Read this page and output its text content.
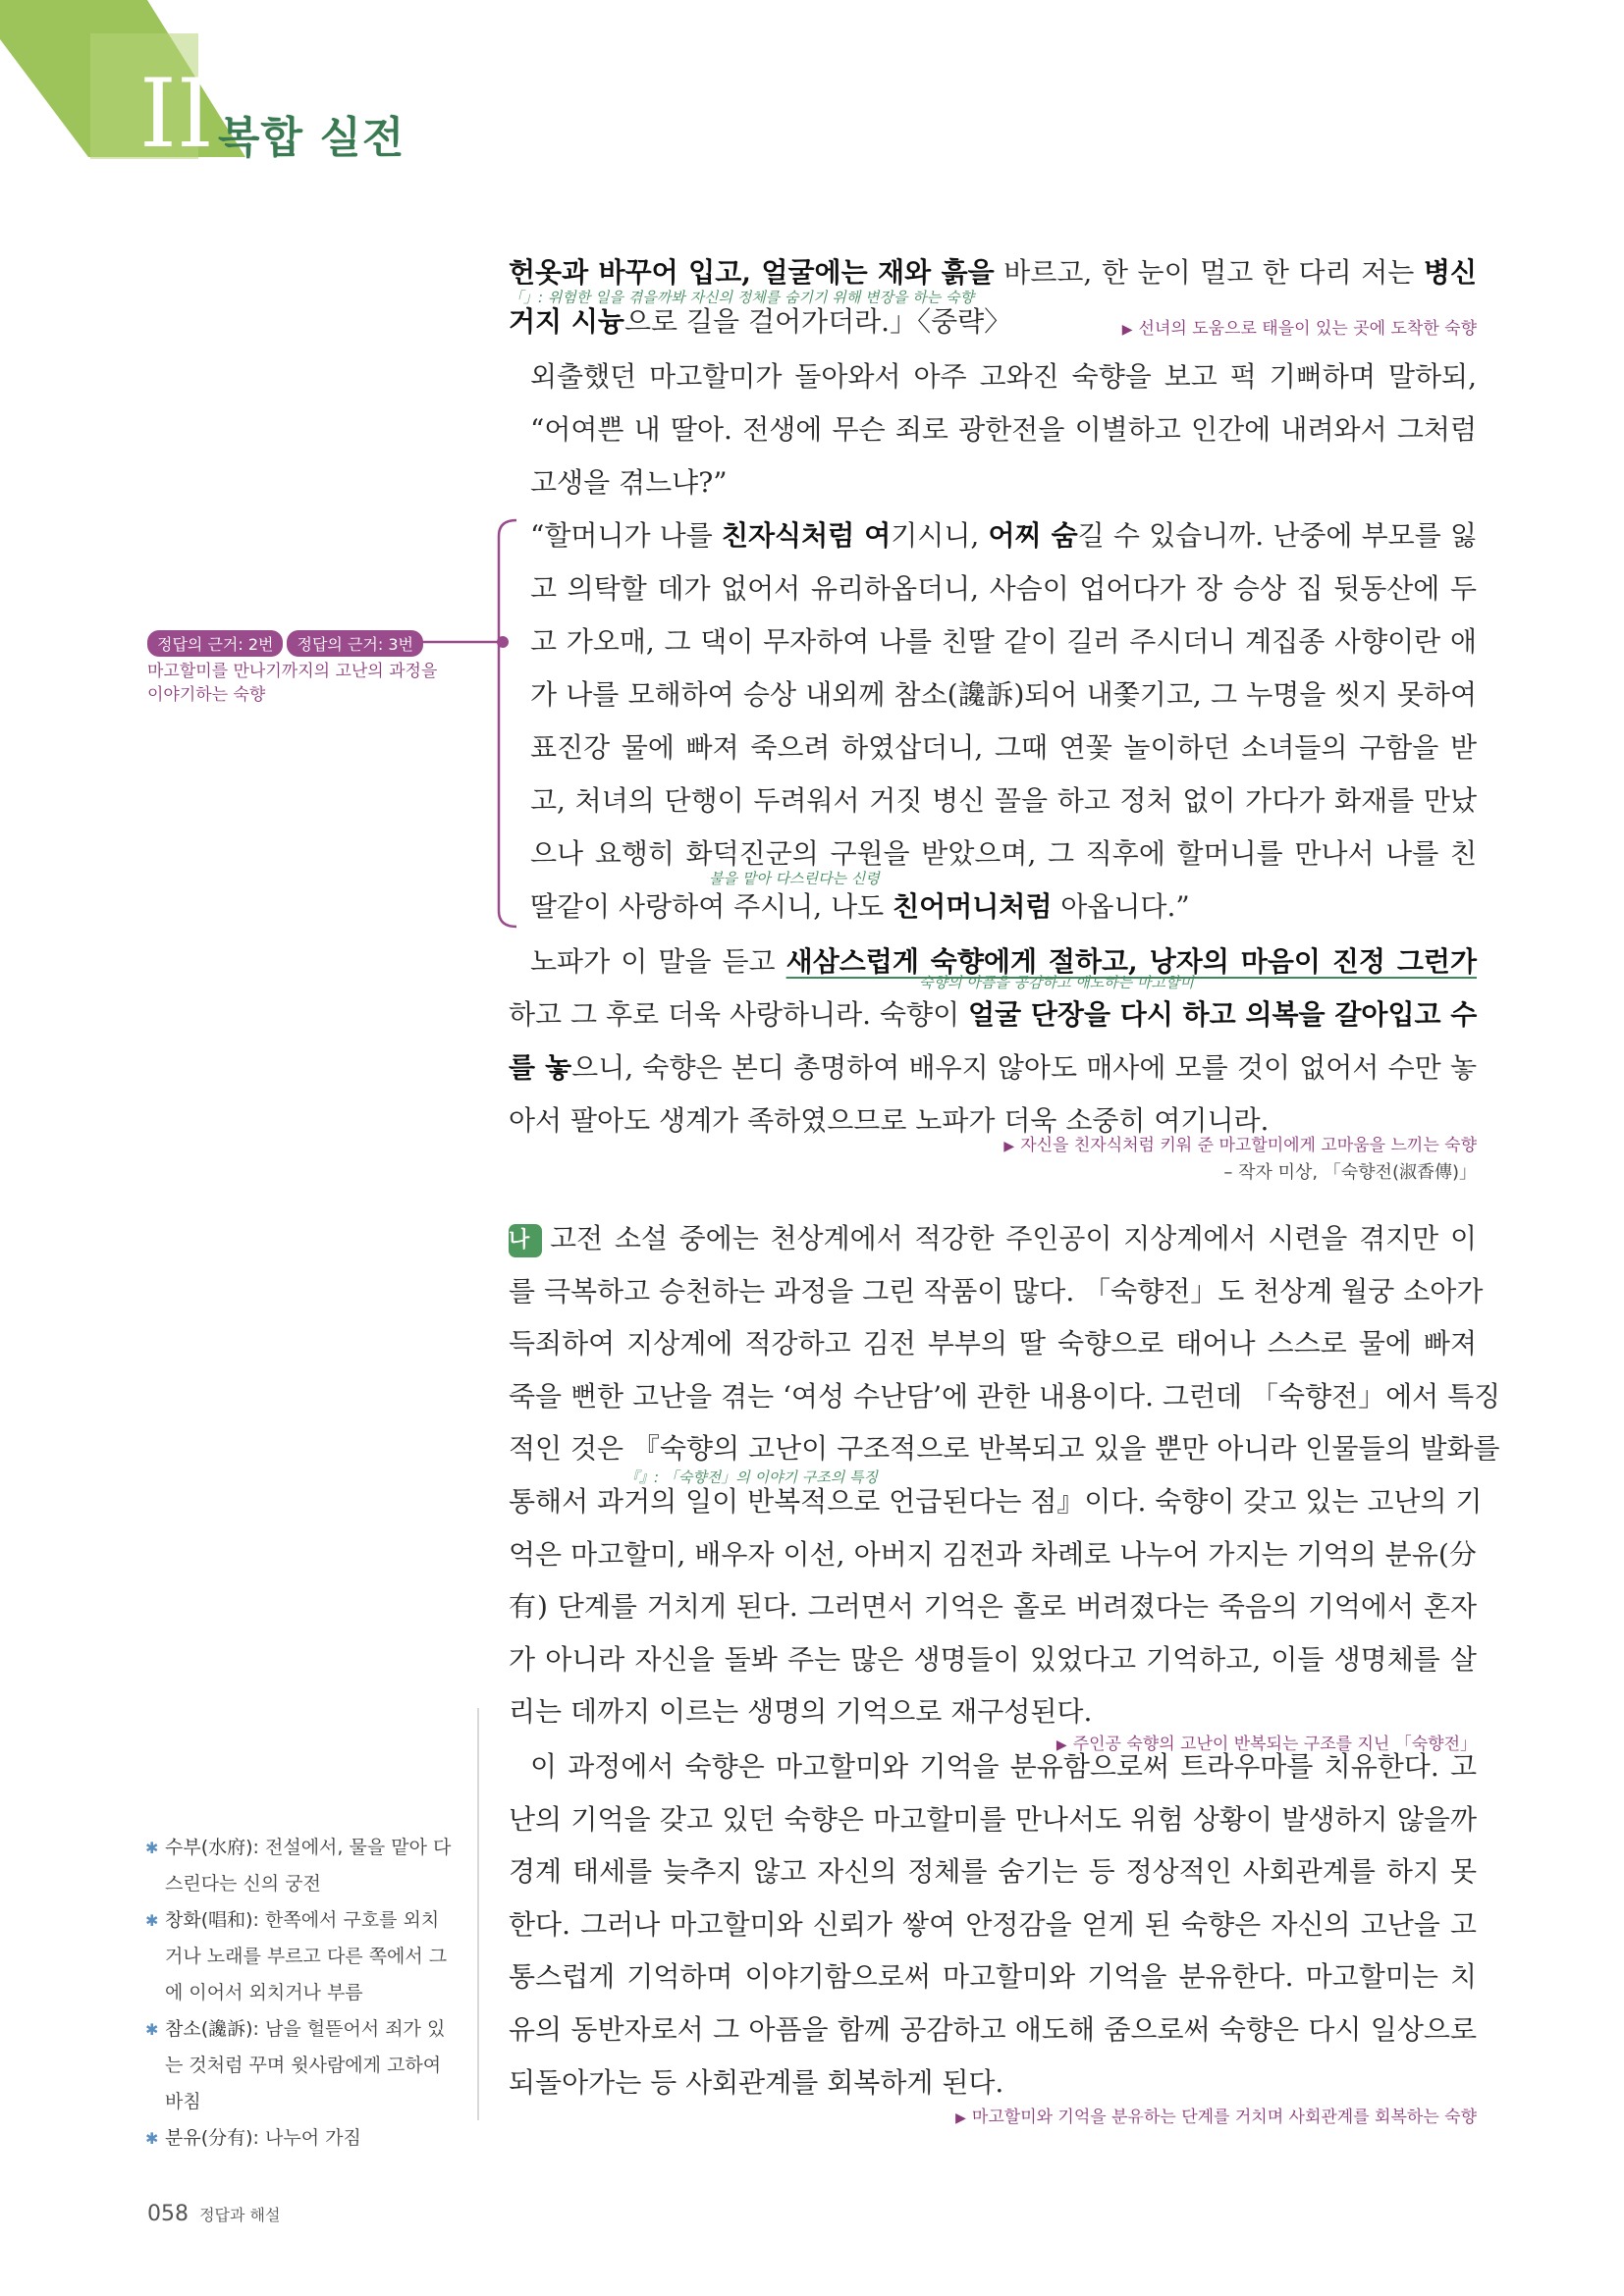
II 복합 실전
헌옷과 바꾸어 입고, 얼굴에는 재와 흙을 바르고, 한 눈이 멀고 한 다리 저는 병신
거지 시늉으로 길을 걸어가더라.」〈중략〉
외출했던 마고할미가 돌아와서 아주 고와진 숙향을 보고 퍽 기뻐하며 말하되,
“어여쁜 내 딸아. 전생에 무슨 죄로 광한전을 이별하고 인간에 내려와서 그처럼
고생을 겪느냐?”
“할머니가 나를 친자식처럼 여기시니, 어찌 숨길 수 있습니까. 난중에 부모를 잃
고 의탁할 데가 없어서 유리하옵더니, 사슴이 업어다가 장 승상 집 뒷동산에 두
고 가오매, 그 댁이 무자하여 나를 친딸 같이 길러 주시더니 계집종 사향이란 애
가 나를 모해하여 승상 내외께 참소(讒訴)되어 내쫓기고, 그 누명을 씻지 못하여
표진강 물에 빠져 죽으려 하였삽더니, 그때 연꽃 놀이하던 소녀들의 구함을 받
고, 처녀의 단행이 두려워서 거짓 병신 꼴을 하고 정처 없이 가다가 화재를 만났
으나 요행히 화덕진군의 구원을 받았으며, 그 직후에 할머니를 만나서 나를 친
딸같이 사랑하여 주시니, 나도 친어머니처럼 아옵니다.”
노파가 이 말을 듣고 새삼스럽게 숙향에게 절하고, 낭자의 마음이 진정 그런가
하고 그 후로 더욱 사랑하니라. 숙향이 얼굴 단장을 다시 하고 의복을 갈아입고 수
를 놓으니, 숙향은 본디 총명하여 배우지 않아도 매사에 모를 것이 없어서 수만 놓
아서 팔아도 생계가 족하였으므로 노파가 더욱 소중히 여기니라.
「」: 위험한 일을 겪을까봐 자신의 정체를 숨기기 위해 변장을 하는 숙향
불을 맡아 다스린다는 신령
숙향의 아픔을 공감하고 애도하는 마고할미
▶ 선녀의 도움으로 태을이 있는 곳에 도착한 숙향
▶ 자신을 친자식처럼 키워 준 마고할미에게 고마움을 느끼는 숙향
– 작자 미상, 「숙향전(淑香傳)」
정답의 근거: 2번 정답의 근거: 3번
마고할미를 만나기까지의 고난의 과정을 이야기하는 숙향
나 고전 소설 중에는 천상계에서 적강한 주인공이 지상계에서 시련을 겪지만 이
를 극복하고 승천하는 과정을 그린 작품이 많다. 「숙향전」도 천상계 월궁 소아가
득죄하여 지상계에 적강하고 김전 부부의 딸 숙향으로 태어나 스스로 물에 빠져
죽을 뻔한 고난을 겪는 ‘여성 수난담’에 관한 내용이다. 그런데 「숙향전」에서 특징
적인 것은 『숙향의 고난이 구조적으로 반복되고 있을 뿐만 아니라 인물들의 발화를
통해서 과거의 일이 반복적으로 언급된다는 점』이다. 숙향이 갖고 있는 고난의 기
억은 마고할미, 배우자 이선, 아버지 김전과 차례로 나누어 가지는 기억의 분유(分
有) 단계를 거치게 된다. 그러면서 기억은 홀로 버려졌다는 죽음의 기억에서 혼자
가 아니라 자신을 돌봐 주는 많은 생명들이 있었다고 기억하고, 이들 생명체를 살
리는 데까지 이르는 생명의 기억으로 재구성된다.
이 과정에서 숙향은 마고할미와 기억을 분유함으로써 트라우마를 치유한다. 고
난의 기억을 갖고 있던 숙향은 마고할미를 만나서도 위험 상황이 발생하지 않을까
경계 태세를 늦추지 않고 자신의 정체를 숨기는 등 정상적인 사회관계를 하지 못
한다. 그러나 마고할미와 신뢰가 쌓여 안정감을 얻게 된 숙향은 자신의 고난을 고
통스럽게 기억하며 이야기함으로써 마고할미와 기억을 분유한다. 마고할미는 치
유의 동반자로서 그 아픔을 함께 공감하고 애도해 줌으로써 숙향은 다시 일상으로
되돌아가는 등 사회관계를 회복하게 된다.
『』: 「숙향전」의 이야기 구조의 특징
▶ 주인공 숙향의 고난이 반복되는 구조를 지닌 「숙향전」
▶ 마고할미와 기억을 분유하는 단계를 거치며 사회관계를 회복하는 숙향
✱ 수부(水府): 전설에서, 물을 맡아 다스린다는 신의 궁전
✱ 창화(唱和): 한쪽에서 구호를 외치거나 노래를 부르고 다른 쪽에서 그에 이어서 외치거나 부름
✱ 참소(讒訴): 남을 헐뜯어서 죄가 있는 것처럼 꾸며 윗사람에게 고하여 바침
✱ 분유(分有): 나누어 가짐
058 정답과 해설
